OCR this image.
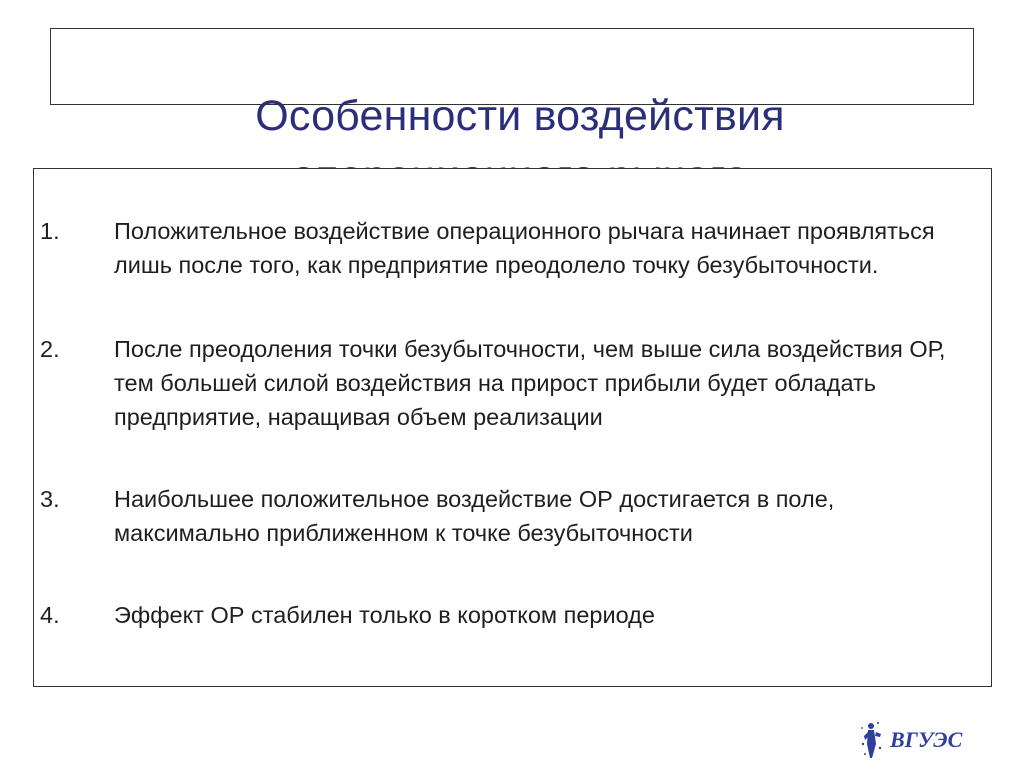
Особенности воздействия
1.	Положительное воздействие операционного рычага начинает проявляться лишь после того, как предприятие преодолело точку безубыточности.
2.	После преодоления точки безубыточности, чем выше сила воздействия ОР, тем большей силой воздействия на прирост прибыли будет обладать предприятие, наращивая объем реализации
3.	Наибольшее положительное воздействие ОР достигается в поле, максимально приближенном к точке безубыточности
4.	Эффект ОР стабилен только в коротком периоде
ВГУЭС
